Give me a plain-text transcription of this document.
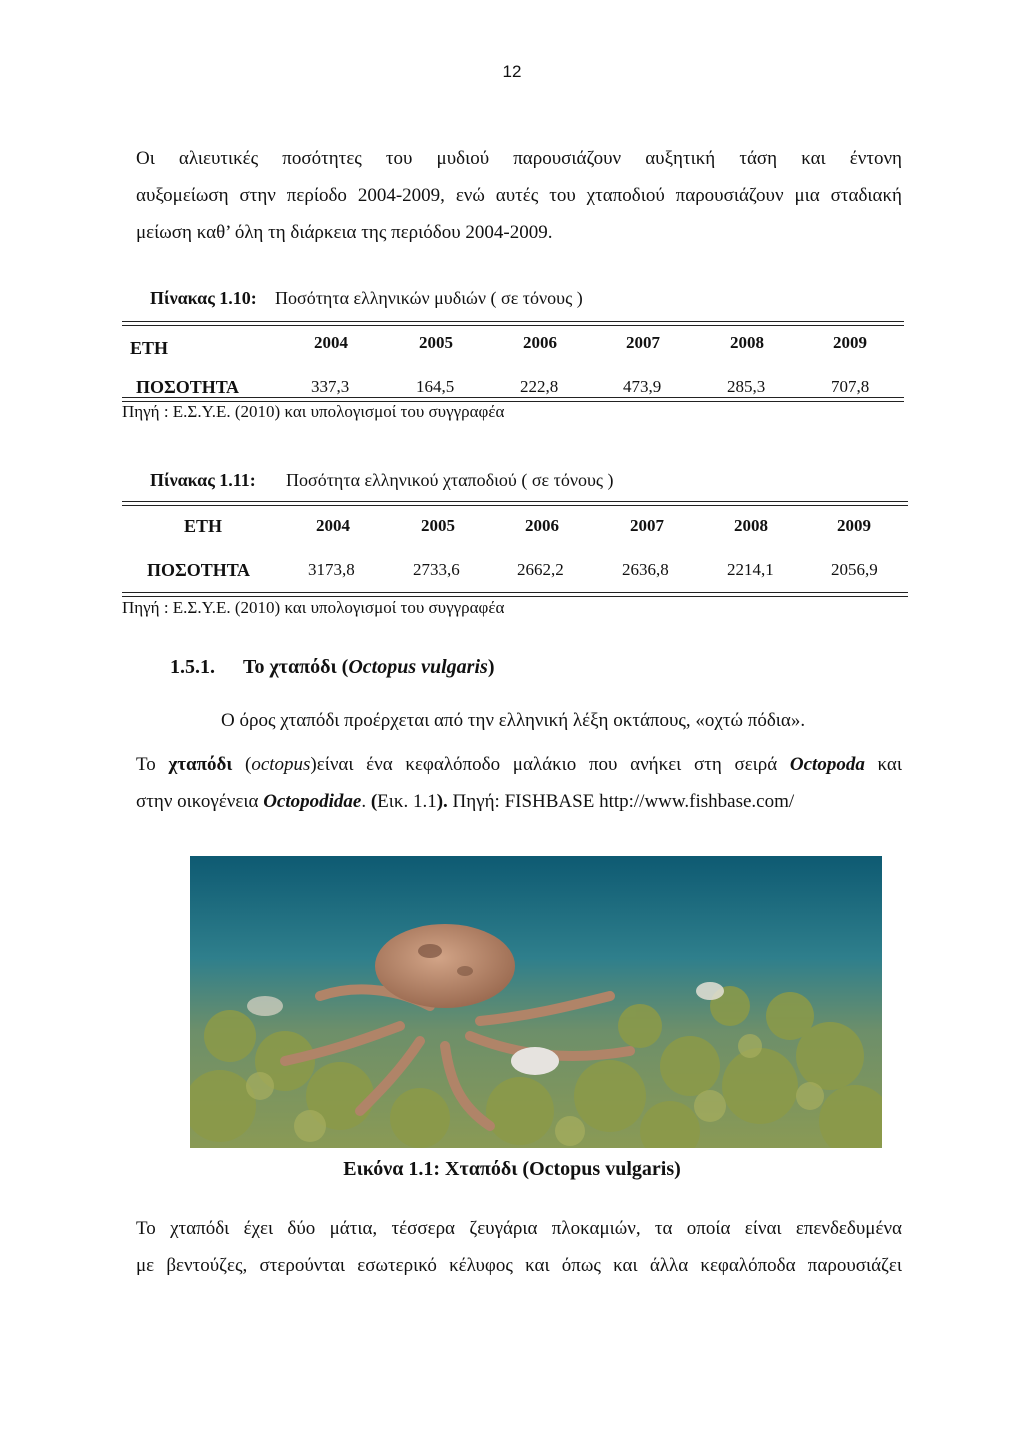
12
Οι αλιευτικές ποσότητες του μυδιού παρουσιάζουν αυξητική τάση και έντονη
αυξομείωση στην περίοδο 2004-2009, ενώ αυτές του χταποδιού παρουσιάζουν μια σταδιακή
μείωση καθ’ όλη τη διάρκεια της περιόδου 2004-2009.
Πίνακας 1.10: Ποσότητα ελληνικών μυδιών ( σε τόνους )
ΕΤΗ	2004	2005	2006	2007	2008	2009
ΠΟΣΟΤΗΤΑ	337,3	164,5	222,8	473,9	285,3	707,8
Πηγή : Ε.Σ.Υ.Ε. (2010) και υπολογισμοί του συγγραφέα
Πίνακας 1.11: Ποσότητα ελληνικού χταποδιού ( σε τόνους )
ΕΤΗ	2004	2005	2006	2007	2008	2009
ΠΟΣΟΤΗΤΑ	3173,8	2733,6	2662,2	2636,8	2214,1	2056,9
Πηγή : Ε.Σ.Υ.Ε. (2010) και υπολογισμοί του συγγραφέα
1.5.1. Το χταπόδι (Octopus vulgaris)
Ο όρος χταπόδι προέρχεται από την ελληνική λέξη οκτάπους, «οχτώ πόδια».
Το χταπόδι (octopus)είναι ένα κεφαλόποδο μαλάκιο που ανήκει στη σειρά Octopoda και
στην οικογένεια Octopodidae. (Εικ. 1.1). Πηγή: FISHBASE http://www.fishbase.com/
Εικόνα 1.1: Χταπόδι (Octopus vulgaris)
Το χταπόδι έχει δύο μάτια, τέσσερα ζευγάρια πλοκαμιών, τα οποία είναι επενδεδυμένα
με βεντούζες, στερούνται εσωτερικό κέλυφος και όπως και άλλα κεφαλόποδα παρουσιάζει
